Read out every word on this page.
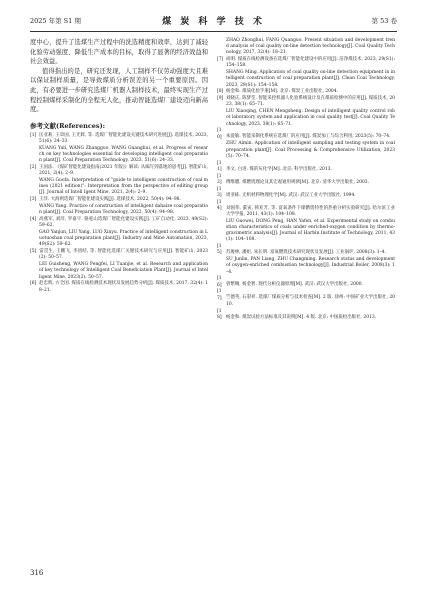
2025 年第 S1 期	煤 炭 科 学 技 术	第 53 卷

度中心，提升了选煤生产过程中的洗选精度和效率，达到了减轻化验劳动强度、降低生产成本的目标，取得了显著的经济效益和社会效益。

值得指出的是，研究还发现，人工制样不仅劳动强度大且难以保证制样质量，是导致煤质分析误差的另一个重要原因。因此，有必要进一步研究选煤厂机器人制样技术，最终实现生产过程控制煤样采制化的全程无人化，推动智能选煤厂建设迈向新高度。

参考文献(References):

[1] 匡亚莉, 王章国, 王光辉, 等. 选煤厂智能化建设关键技术研究进展[J]. 选煤技术, 2023, 51(6): 24–33.

KUANG Yali, WANG Zhangguo, WANG Guanghui, et al. Progress of research on key technologies essential for developing intelligent coal preparation plant[J]. Coal Preparation Technology, 2023, 51(6): 24–33.

[2] 王国法. 《煤矿智能化建设指南(2021 年版)》解读: 从编写到落地的思考[J]. 智能矿山, 2021, 2(4): 2–9.

WANG Guofa. Interpretation of "guide to intelligent construction of coal mines (2021 edition)": Interpretation from the perspective of editing group[J]. Journal of Intell Igent Mine, 2021, 2(4): 2–9.

[3] 王洋. 大海则选煤厂智能化建设实践[J]. 选煤技术, 2022, 50(4): 94–98.

WANG Yang. Practice of construction of intelligent dahaize coal preparation plant[J]. Coal Preparation Technology, 2022, 50(4): 94–98.

[4] 高燕军, 刘洋, 罗嘉宇. 骆驼山选煤厂智能化建设实践[J]. 工矿自动化, 2023, 49(S2): 59–62.

GAO Yanjun, LIU Yang, LUO Xinyu. Practice of intelligent construction in Luotuoshan coal preparation plant[J]. Industry and Mine Automation, 2023, 49(S2): 59–62.

[5] 雷贯生, 王鹏飞, 李团结, 等. 智能化选煤厂关键技术研究与应用[J]. 智能矿山, 2023(2): 50–57.

LEI Guisheng, WANG Pengfei, LI Tuanjie, et al. Research and application of key technology of Intelligent Coal Beneficiation Plant[J]. Journal of Intelligent Mine, 2023(2): 50–57.

[6] 赵忠辉, 方全国. 煤质在线检测技术现状及发展趋势分析[J]. 煤质技术, 2017, 32(4): 18–21.

ZHAO Zhonghui, FANG Quanguo. Present situation and development trend analysis of coal quality on-line detection technology[J]. Coal Quality Technology, 2017, 32(4): 18–21.

[7] 尚明. 煤质在线检测设备在选煤厂智能化建设中的应用[J]. 洁净煤技术, 2023, 29(S1): 154–158.

SHANG Ming. Application of coal quality on-line detection equipment in intelligent construction of coal preparation plant[J]. Clean Coal Technology, 2023, 29(S1): 154–158.

[8] 杨金和. 煤质化验手册[M]. 北京: 煤炭工业出版社, 2004.

[9] 刘晓庆, 陈梦笙. 智能采控机器人化验系统设计及在煤质检测中的应用[J]. 煤质技术, 2023, 38(1): 65–71.

LIU Xiaoqing, CHEN Mengsheng. Design of intelligent quality control robot laboratory system and application in coal quality test[J]. Coal Quality Technology, 2023, 38(1): 65–71.

[10] 朱爱敏. 智能采制化系统在选煤厂的应用[J]. 煤炭加工与综合利用, 2023(5): 70–74.

ZHU Aimin. Application of intelligent sampling and testing system in coal preparation plant[J]. Coal Processing & Comprehensive Utilization, 2023(5): 70–74.

[11] 李文, 白进. 煤的灰化学[M]. 北京: 科学出版社, 2013.

[12] 傅维镳. 煤燃烧理论及其宏观通用规律[M]. 北京: 清华大学出版社, 2003.

[13] 周亚栋. 无机材料物理化学[M]. 武汉: 武汉工业大学出版社, 1994.

[14] 刘国伟, 董寅, 韩亚芳, 等. 富氧条件下煤燃烧特性的热重分析实验研究[J]. 哈尔滨工业大学学报, 2011, 43(1): 104–108.

LIU Guowei, DONG Peng, HAN Yafen, et al. Experimental study on combustion characteristics of coals under enriched-oxygen condition by thermo-gravimetric analysis[J]. Journal of Harbin Institute of Technology, 2011, 43(1): 104–108.

[15] 苏俊林, 潘炬, 朱长明. 富氧燃烧技术研究现状及发展[J]. 工业锅炉, 2008(3): 1–4.

SU Junlin, PAN Liang, ZHU Changming. Research status and development of oxygen-enriched combustion technology[J]. Industrial Boiler, 2008(3): 1–4.

[16] 曾繁赐, 杨金智. 现代分析仪器原理[M]. 武汉: 武汉大学出版社, 2000.

[17] 竺德英, 石彩祥. 选煤厂煤质分析与技术检查[M]. 2 版. 徐州: 中国矿业大学出版社, 2010.

[18] 杨金和. 煤炭试验方法标准及其说明[M]. 4 版. 北京: 中国质检出版社, 2013.

316
